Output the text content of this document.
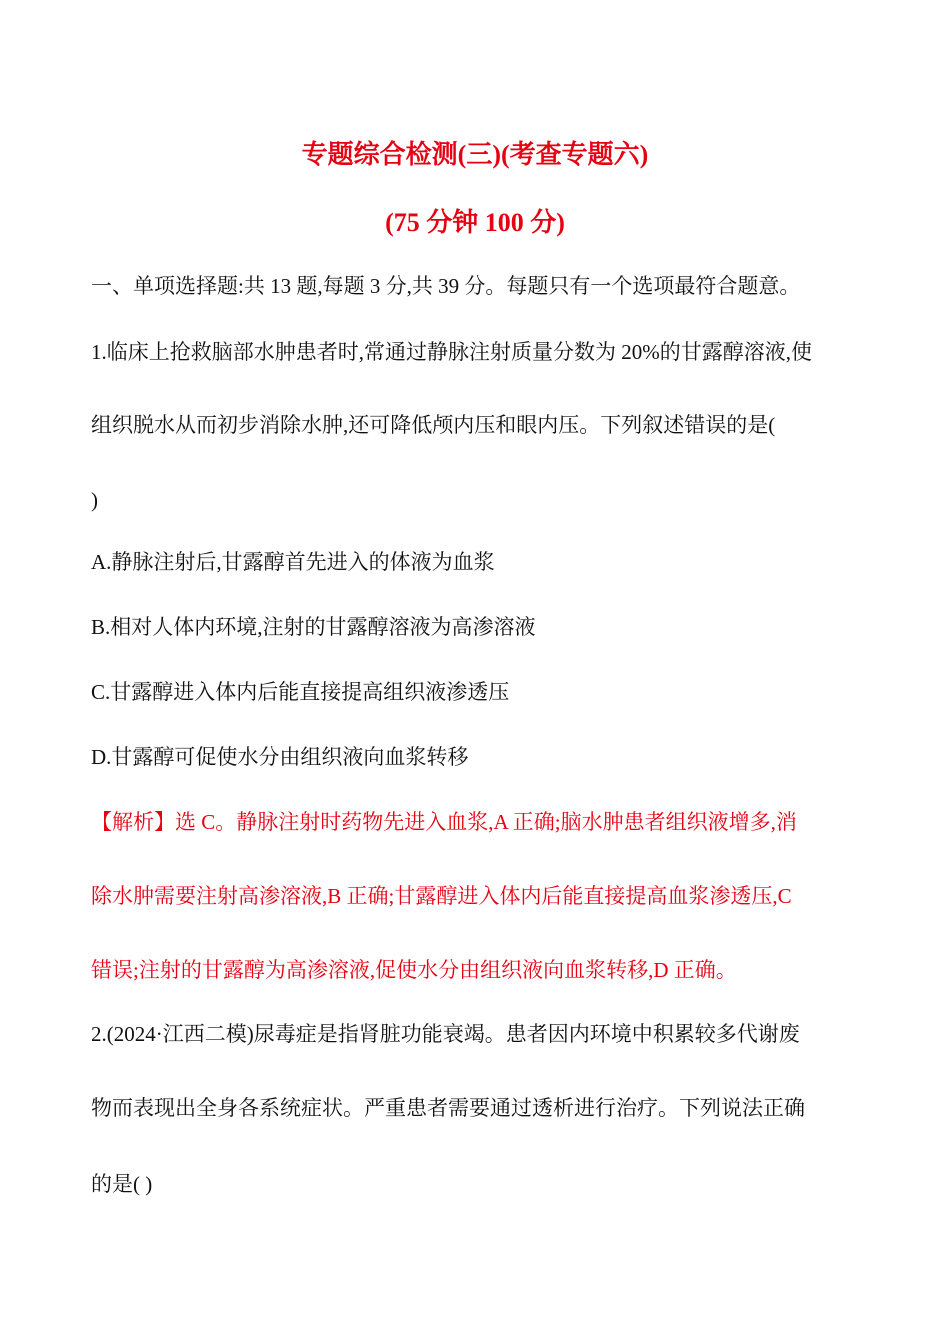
专题综合检测(三)(考查专题六)
(75 分钟 100 分)
一、单项选择题:共 13 题,每题 3 分,共 39 分。每题只有一个选项最符合题意。
1.临床上抢救脑部水肿患者时,常通过静脉注射质量分数为 20%的甘露醇溶液,使
组织脱水从而初步消除水肿,还可降低颅内压和眼内压。下列叙述错误的是(
)
A.静脉注射后,甘露醇首先进入的体液为血浆
B.相对人体内环境,注射的甘露醇溶液为高渗溶液
C.甘露醇进入体内后能直接提高组织液渗透压
D.甘露醇可促使水分由组织液向血浆转移
【解析】选 C。静脉注射时药物先进入血浆,A 正确;脑水肿患者组织液增多,消
除水肿需要注射高渗溶液,B 正确;甘露醇进入体内后能直接提高血浆渗透压,C
错误;注射的甘露醇为高渗溶液,促使水分由组织液向血浆转移,D 正确。
2.(2024·江西二模)尿毒症是指肾脏功能衰竭。患者因内环境中积累较多代谢废
物而表现出全身各系统症状。严重患者需要通过透析进行治疗。下列说法正确
的是( )
